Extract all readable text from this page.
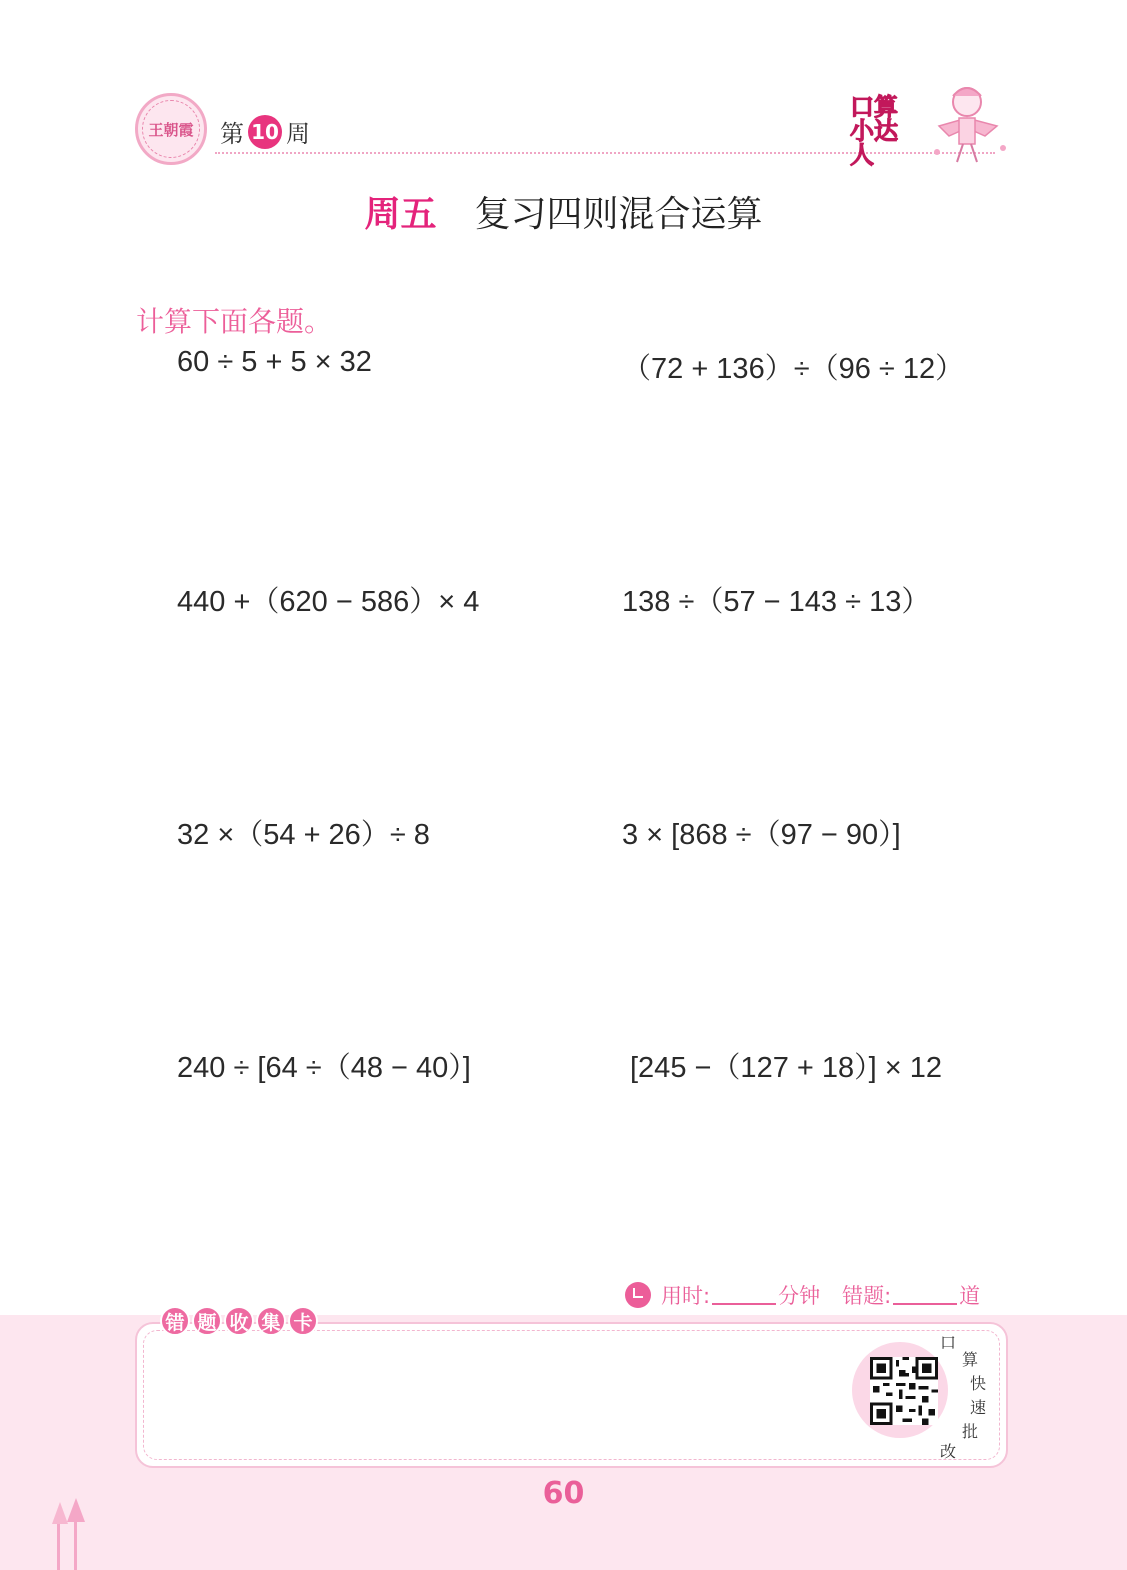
王朝霞 第 10 周
口算
小达人
周五 复习四则混合运算
计算下面各题。
60 ÷ 5 + 5 × 32	（72 + 136）÷（96 ÷ 12）
440 +（620 − 586）× 4	138 ÷（57 − 143 ÷ 13）
32 ×（54 + 26）÷ 8	3 × [868 ÷（97 − 90）]
240 ÷ [64 ÷（48 − 40）]	[245 −（127 + 18）] × 12
用时:	分钟 错题:	道
错 题 收 集 卡
口
算
快
速
批
改
60
